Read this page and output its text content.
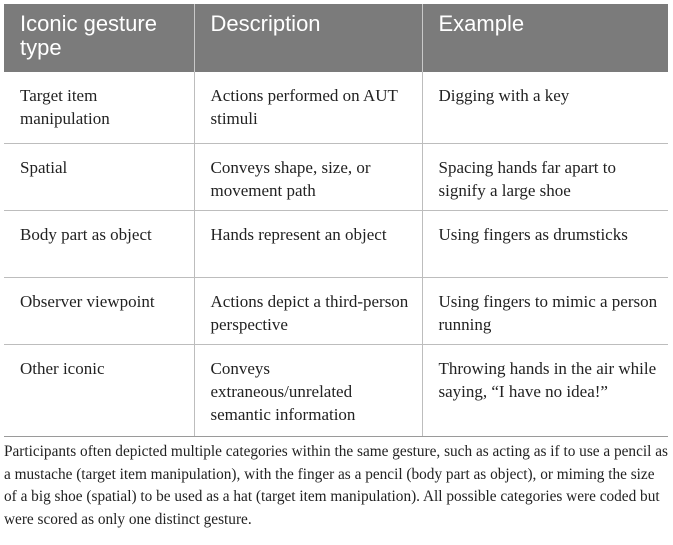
Iconic gesture type	Description	Example
Target item manipulation	Actions performed on AUT stimuli	Digging with a key
Spatial	Conveys shape, size, or movement path	Spacing hands far apart to signify a large shoe
Body part as object	Hands represent an object	Using fingers as drumsticks
Observer viewpoint	Actions depict a third-person perspective	Using fingers to mimic a person running
Other iconic	Conveys extraneous/unrelated semantic information	Throwing hands in the air while saying, “I have no idea!”
Participants often depicted multiple categories within the same gesture, such as acting as if to use a pencil as a mustache (target item manipulation), with the finger as a pencil (body part as object), or miming the size of a big shoe (spatial) to be used as a hat (target item manipulation). All possible categories were coded but were scored as only one distinct gesture.
